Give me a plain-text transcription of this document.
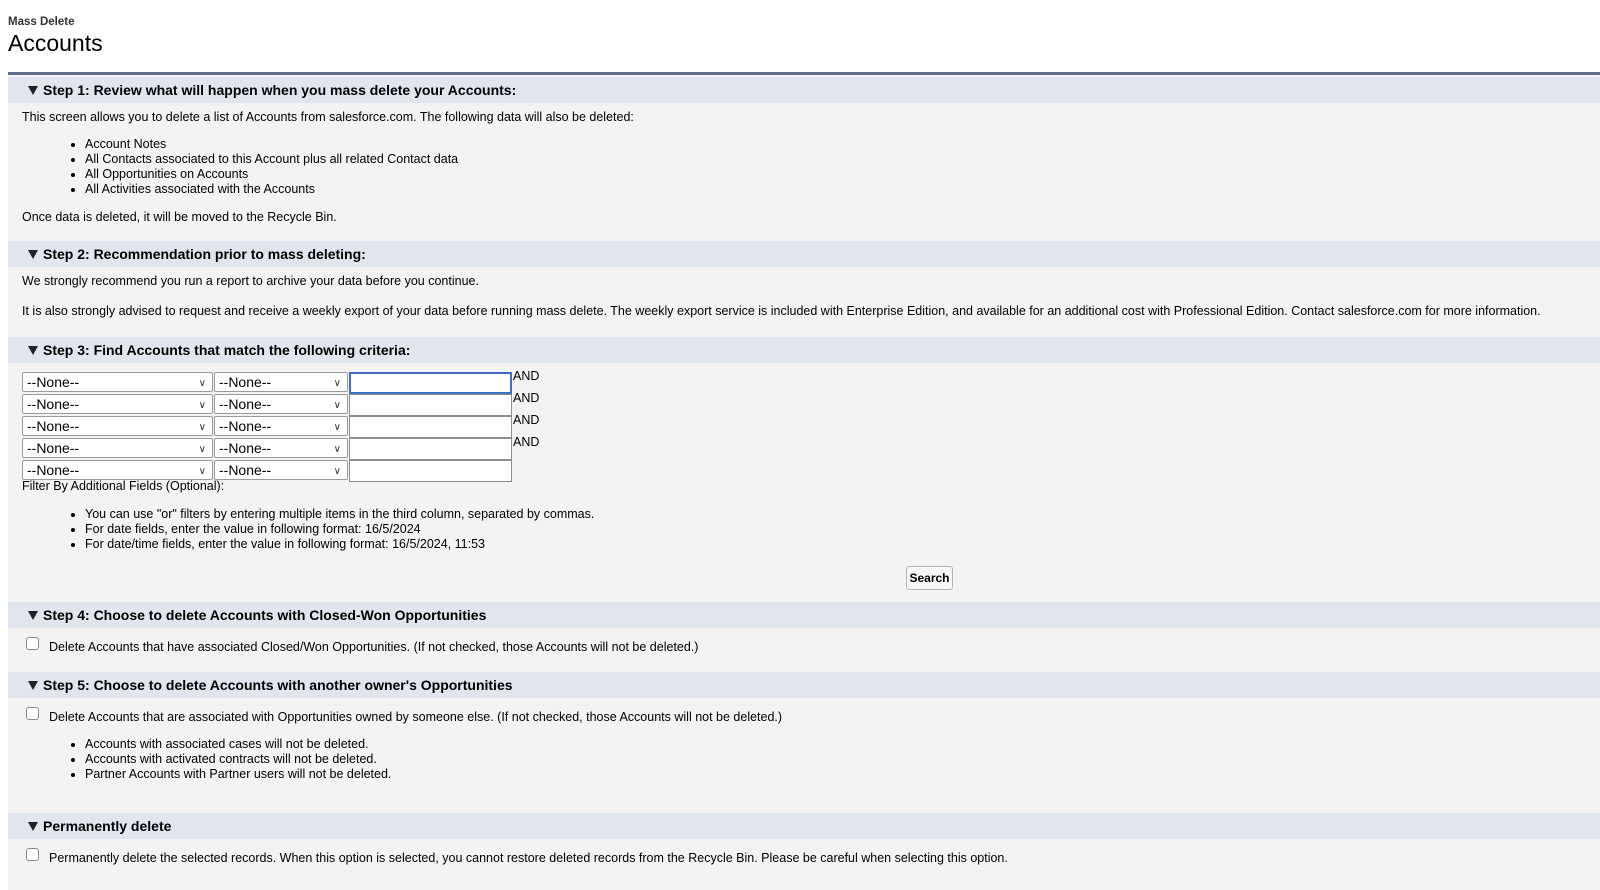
Mass Delete
Accounts
Step 1: Review what will happen when you mass delete your Accounts:
This screen allows you to delete a list of Accounts from salesforce.com. The following data will also be deleted:
• Account Notes
• All Contacts associated to this Account plus all related Contact data
• All Opportunities on Accounts
• All Activities associated with the Accounts
Once data is deleted, it will be moved to the Recycle Bin.
Step 2: Recommendation prior to mass deleting:
We strongly recommend you run a report to archive your data before you continue.
It is also strongly advised to request and receive a weekly export of your data before running mass delete. The weekly export service is included with Enterprise Edition, and available for an additional cost with Professional Edition. Contact salesforce.com for more information.
Step 3: Find Accounts that match the following criteria:
--None--	∨ --None--	∨
AND
--None--	∨ --None--	∨
AND
--None--	∨ --None--	∨
AND
--None--	∨ --None--	∨
AND
--None--	∨ --None--	∨
Filter By Additional Fields (Optional):
• You can use "or" filters by entering multiple items in the third column, separated by commas.
• For date fields, enter the value in following format: 16/5/2024
• For date/time fields, enter the value in following format: 16/5/2024, 11:53
Search
Step 4: Choose to delete Accounts with Closed-Won Opportunities
Delete Accounts that have associated Closed/Won Opportunities. (If not checked, those Accounts will not be deleted.)
Step 5: Choose to delete Accounts with another owner's Opportunities
Delete Accounts that are associated with Opportunities owned by someone else. (If not checked, those Accounts will not be deleted.)
• Accounts with associated cases will not be deleted.
• Accounts with activated contracts will not be deleted.
• Partner Accounts with Partner users will not be deleted.
Permanently delete
Permanently delete the selected records. When this option is selected, you cannot restore deleted records from the Recycle Bin. Please be careful when selecting this option.
